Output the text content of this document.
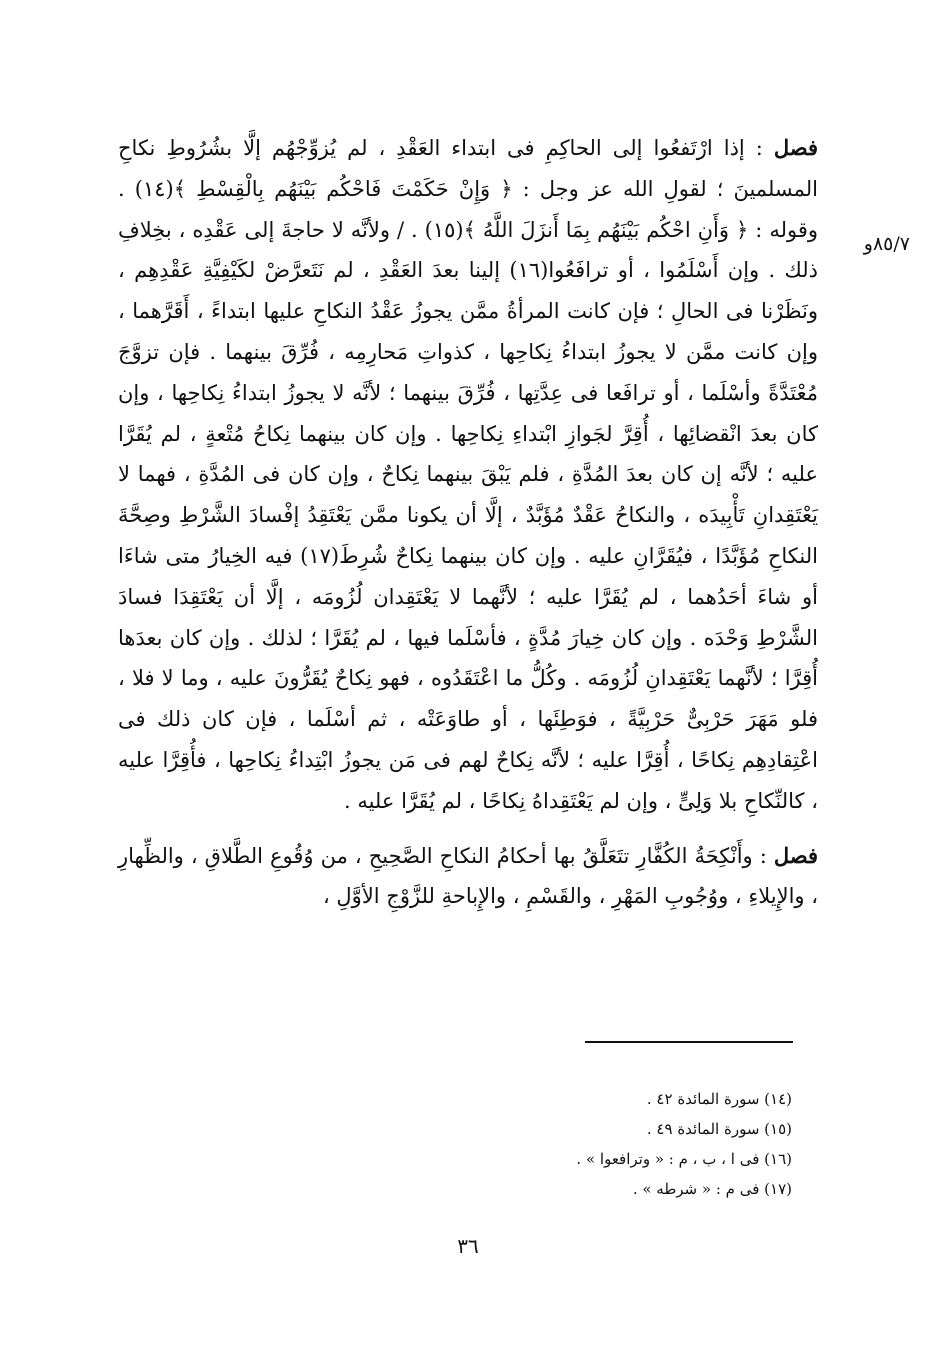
٨٥/٧و

فصل : إذا ارْتَفعُوا إلى الحاكِمِ فى ابتداء العَقْدِ ، لم يُزوِّجْهُم إلَّا بشُرُوطِ نكاحِ المسلمينَ ؛ لقولِ الله عز وجل : ﴿ وَإِنْ حَكَمْتَ فَاحْكُم بَيْنَهُم بِالْقِسْطِ ﴾(١٤) . وقوله : ﴿ وَأَنِ احْكُم بَيْنَهُم بِمَا أَنزَلَ اللَّهُ ﴾(١٥) . / ولأنَّه لا حاجةَ إلى عَقْدِه ، بخِلافِ ذلك . وإن أَسْلَمُوا ، أو ترافَعُوا(١٦) إلينا بعدَ العَقْدِ ، لم نَتَعرَّضْ لكَيْفِيَّةِ عَقْدِهِم ، ونَظَرْنا فى الحالِ ؛ فإن كانت المرأةُ ممَّن يجوزُ عَقْدُ النكاحِ عليها ابتداءً ، أَقَرَّهما ، وإن كانت ممَّن لا يجوزُ ابتداءُ نِكاحِها ، كذواتِ مَحارِمِه ، فُرِّقَ بينهما . فإن تزوَّجَ مُعْتَدَّةً وأسْلَما ، أو ترافَعا فى عِدَّتِها ، فُرِّقَ بينهما ؛ لأنَّه لا يجوزُ ابتداءُ نِكاحِها ، وإن كان بعدَ انْقضائِها ، أُقِرَّ لجَوازِ ابْتداءِ نِكاحِها . وإن كان بينهما نِكاحُ مُتْعةٍ ، لم يُقَرَّا عليه ؛ لأنَّه إن كان بعدَ المُدَّةِ ، فلم يَبْقَ بينهما نِكاحٌ ، وإن كان فى المُدَّةِ ، فهما لا يَعْتَقِدانِ تَأْبِيدَه ، والنكاحُ عَقْدٌ مُؤَبَّدٌ ، إلَّا أن يكونا ممَّن يَعْتَقِدُ إفْسادَ الشَّرْطِ وصِحَّةَ النكاحِ مُؤَبَّدًا ، فيُقَرَّانِ عليه . وإن كان بينهما نِكاحٌ شُرِطَ(١٧) فيه الخِيارُ متى شاءَا أو شاءَ أحَدُهما ، لم يُقَرَّا عليه ؛ لأنَّهما لا يَعْتَقِدان لُزُومَه ، إلَّا أن يَعْتَقِدَا فسادَ الشَّرْطِ وَحْدَه . وإن كان خِيارَ مُدَّةٍ ، فأسْلَما فيها ، لم يُقَرَّا ؛ لذلك . وإن كان بعدَها أُقِرَّا ؛ لأنَّهما يَعْتَقِدانِ لُزُومَه . وكُلُّ ما اعْتَقَدُوه ، فهو نِكاحٌ يُقَرُّونَ عليه ، وما لا فلا ، فلو مَهَرَ حَرْبِىٌّ حَرْبِيَّةً ، فوَطِئَها ، أو طاوَعَتْه ، ثم أسْلَما ، فإن كان ذلك فى اعْتِقادِهِم نِكاحًا ، أُقِرَّا عليه ؛ لأنَّه نِكاحٌ لهم فى مَن يجوزُ ابْتِداءُ نِكاحِها ، فأُقِرَّا عليه ، كالنِّكاحِ بلا وَلِىٍّ ، وإن لم يَعْتَقِداهُ نِكاحًا ، لم يُقَرَّا عليه .

فصل : وأَنْكِحَةُ الكُفَّارِ تتَعَلَّقُ بها أحكامُ النكاحِ الصَّحِيحِ ، من وُقُوعِ الطَّلاقِ ، والظِّهارِ ، والإِيلاءِ ، ووُجُوبِ المَهْرِ ، والقَسْمِ ، والإِباحةِ للزَّوْجِ الأوَّلِ ،

(١٤) سورة المائدة ٤٢ .

(١٥) سورة المائدة ٤٩ .

(١٦) فى ا ، ب ، م : « وترافعوا » .

(١٧) فى م : « شرطه » .

٣٦
